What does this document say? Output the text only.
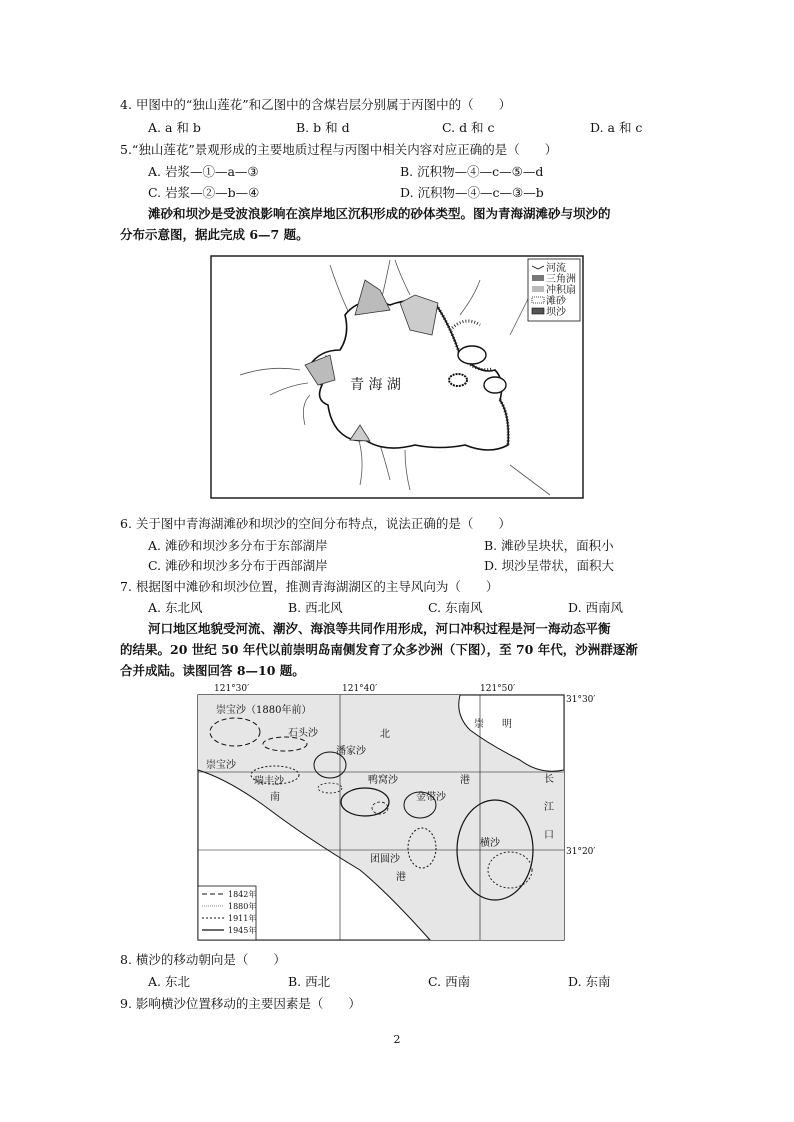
4. 甲图中的“独山莲花”和乙图中的含煤岩层分别属于丙图中的（　　）
A. a 和 b	B. b 和 d	C. d 和 c	D. a 和 c
5.“独山莲花”景观形成的主要地质过程与丙图中相关内容对应正确的是（　　）
A. 岩浆—①—a—③	B. 沉积物—④—c—⑤—d
C. 岩浆—②—b—④	D. 沉积物—④—c—③—b
滩砂和坝沙是受波浪影响在滨岸地区沉积形成的砂体类型。图为青海湖滩砂与坝沙的
分布示意图，据此完成 6—7 题。
青 海 湖
河流
三角洲
冲积扇
滩砂
坝沙
6. 关于图中青海湖滩砂和坝沙的空间分布特点，说法正确的是（　　）
A. 滩砂和坝沙多分布于东部湖岸	B. 滩砂呈块状，面积小
C. 滩砂和坝沙多分布于西部湖岸	D. 坝沙呈带状，面积大
7. 根据图中滩砂和坝沙位置，推测青海湖湖区的主导风向为（　　）
A. 东北风	B. 西北风	C. 东南风	D. 西南风
河口地区地貌受河流、潮汐、海浪等共同作用形成，河口冲积过程是河一海动态平衡
的结果。20 世纪 50 年代以前崇明岛南侧发育了众多沙洲（下图），至 70 年代，沙洲群逐渐
合并成陆。读图回答 8—10 题。
121°30′	121°40′	121°50′
31°30′
31°20′
崇宝沙（1880年前）
石头沙
潘家沙
北
崇宝沙
瑞丰沙
南
鸭窝沙	港
金带沙
横沙
团圆沙
港
崇 明
长
江
口
1842年
1880年
1911年
1945年
8. 横沙的移动朝向是（　　）
A. 东北	B. 西北	C. 西南	D. 东南
9. 影响横沙位置移动的主要因素是（　　）
2
